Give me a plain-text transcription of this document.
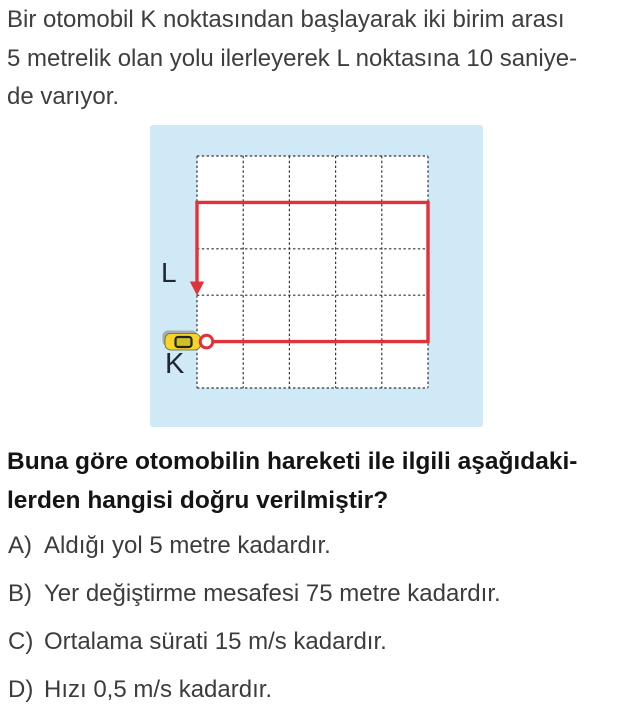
Bir otomobil K noktasından başlayarak iki birim arası
5 metrelik olan yolu ilerleyerek L noktasına 10 saniye-
de varıyor.
L
K
Buna göre otomobilin hareketi ile ilgili aşağıdaki-
lerden hangisi doğru verilmiştir?
A) Aldığı yol 5 metre kadardır.
B) Yer değiştirme mesafesi 75 metre kadardır.
C) Ortalama sürati 15 m/s kadardır.
D) Hızı 0,5 m/s kadardır.
